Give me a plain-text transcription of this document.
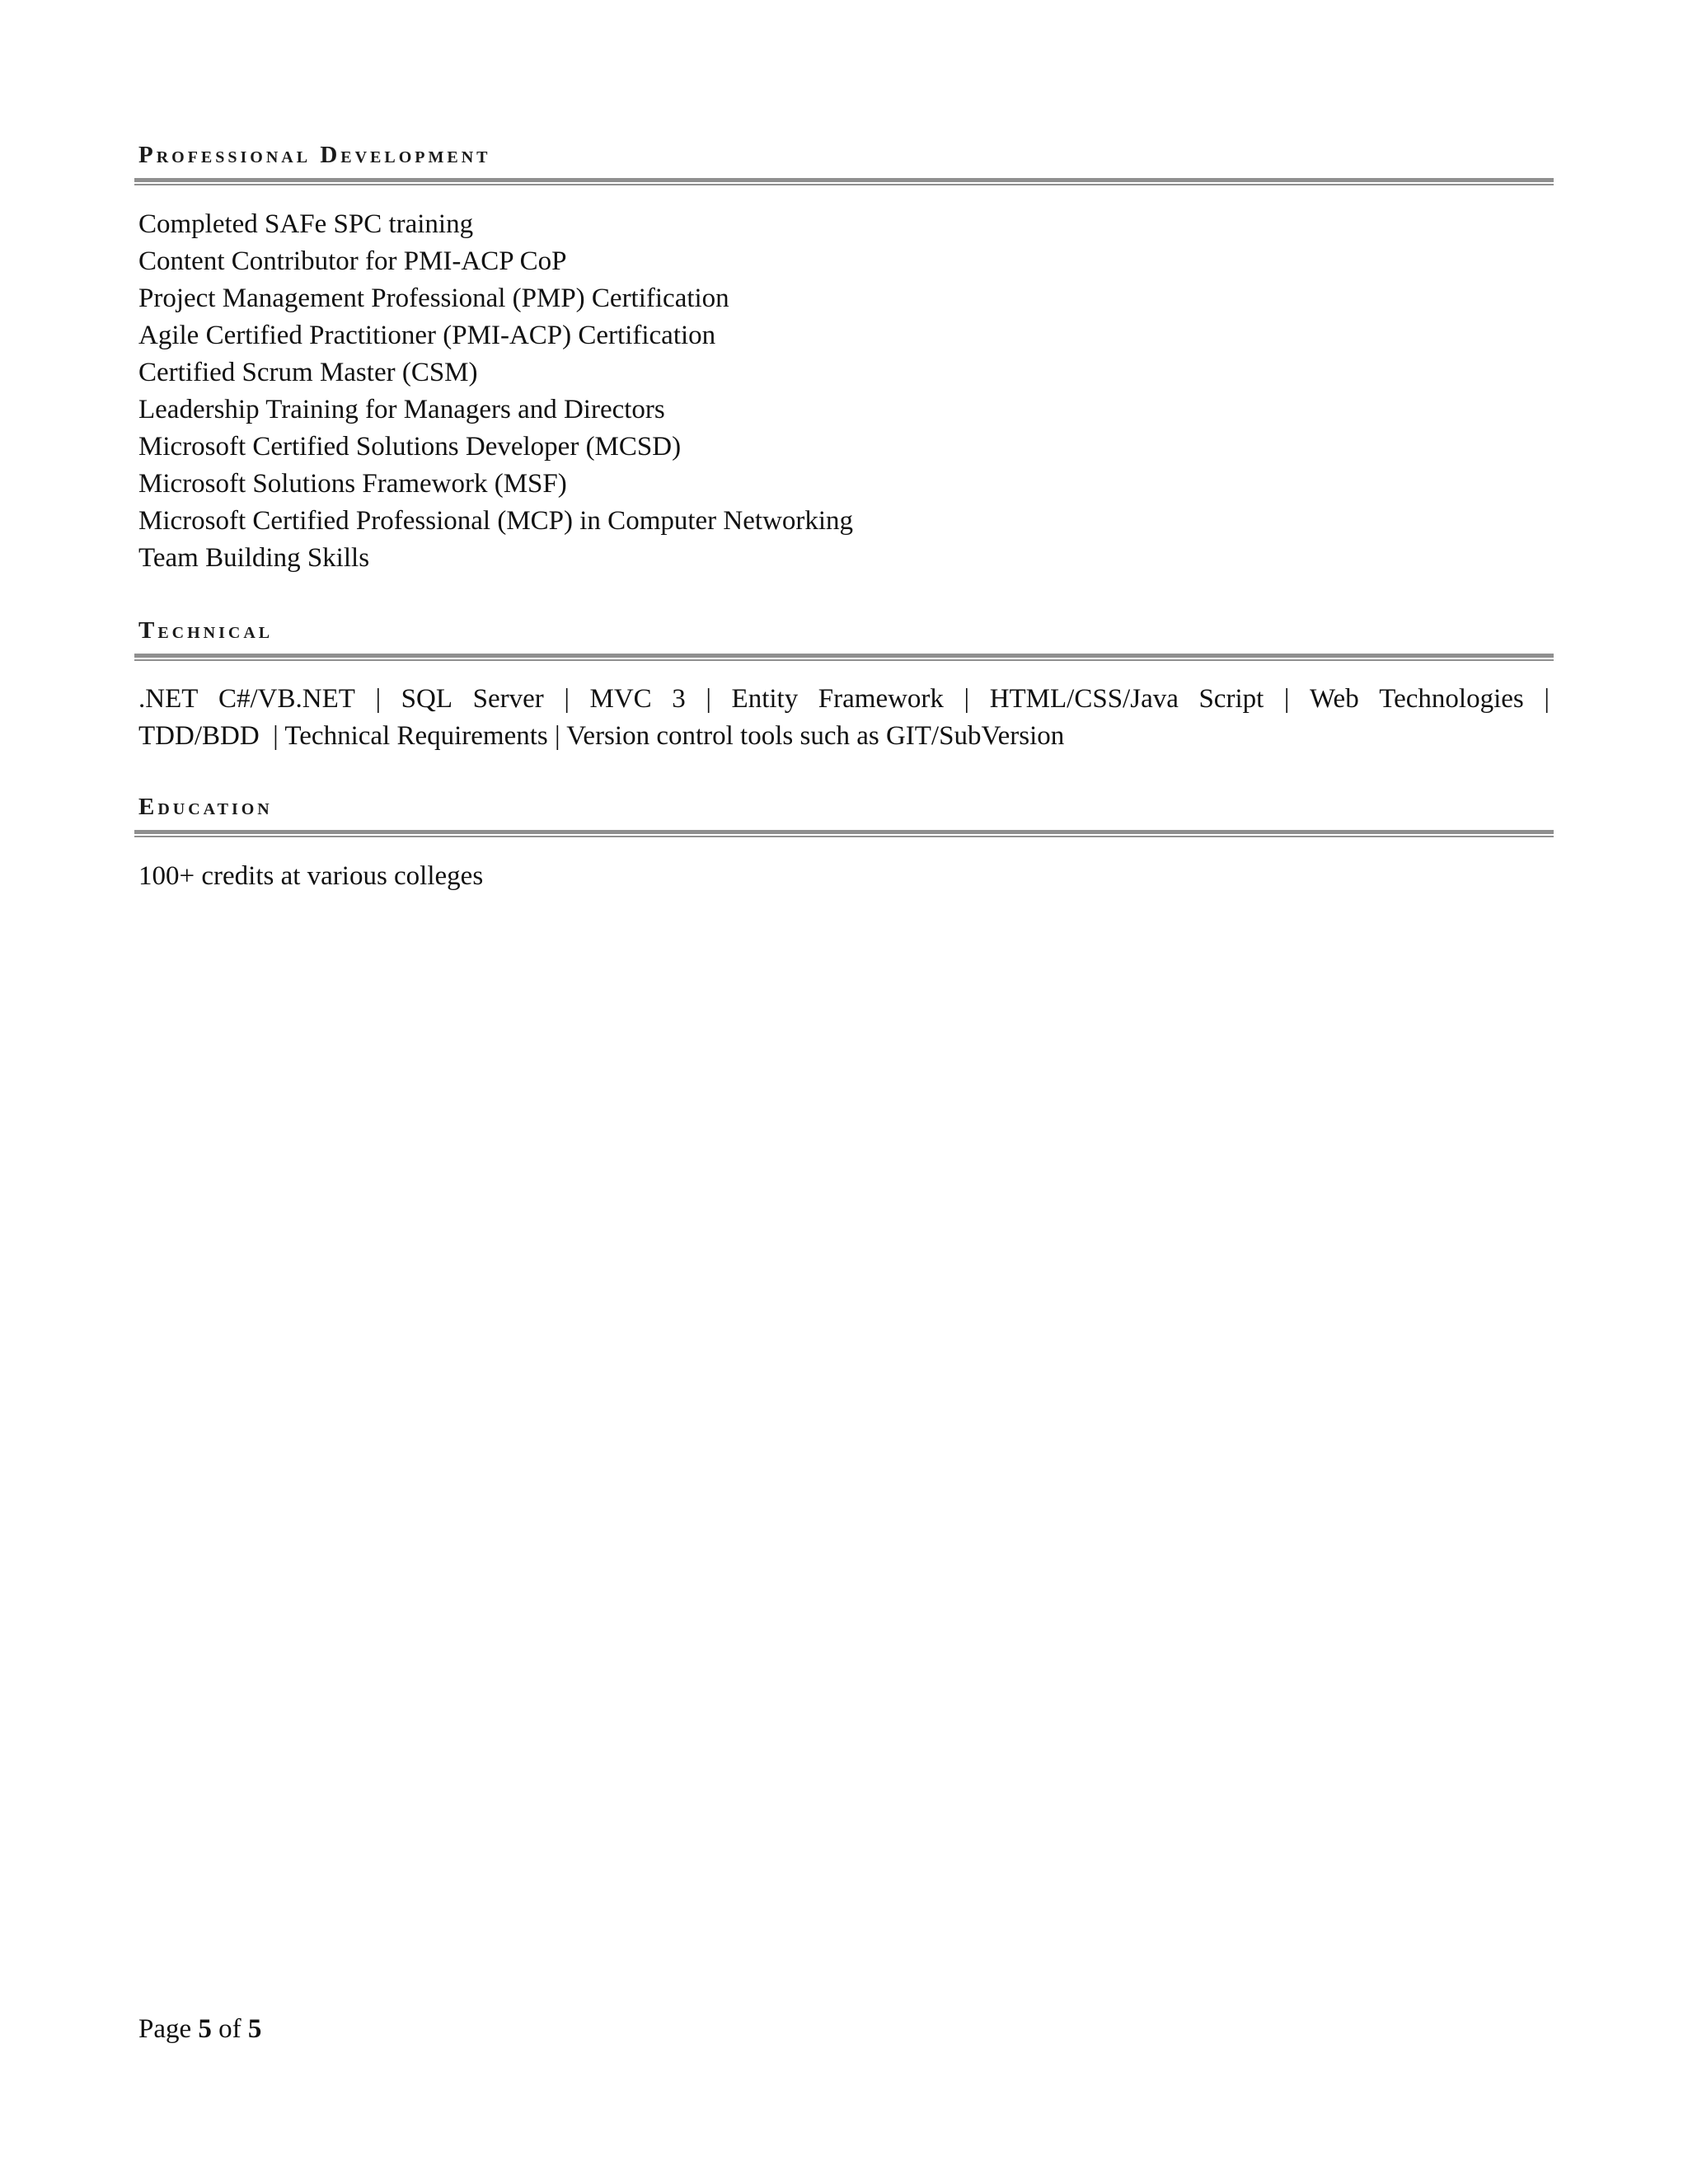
Professional Development
Completed SAFe SPC training
Content Contributor for PMI-ACP CoP
Project Management Professional (PMP) Certification
Agile Certified Practitioner (PMI-ACP) Certification
Certified Scrum Master (CSM)
Leadership Training for Managers and Directors
Microsoft Certified Solutions Developer (MCSD)
Microsoft Solutions Framework (MSF)
Microsoft Certified Professional (MCP) in Computer Networking
Team Building Skills
Technical
.NET C#/VB.NET | SQL Server | MVC 3 | Entity Framework | HTML/CSS/Java Script | Web Technologies |
TDD/BDD  | Technical Requirements | Version control tools such as GIT/SubVersion
Education

100+ credits at various colleges

Page 5 of 5
